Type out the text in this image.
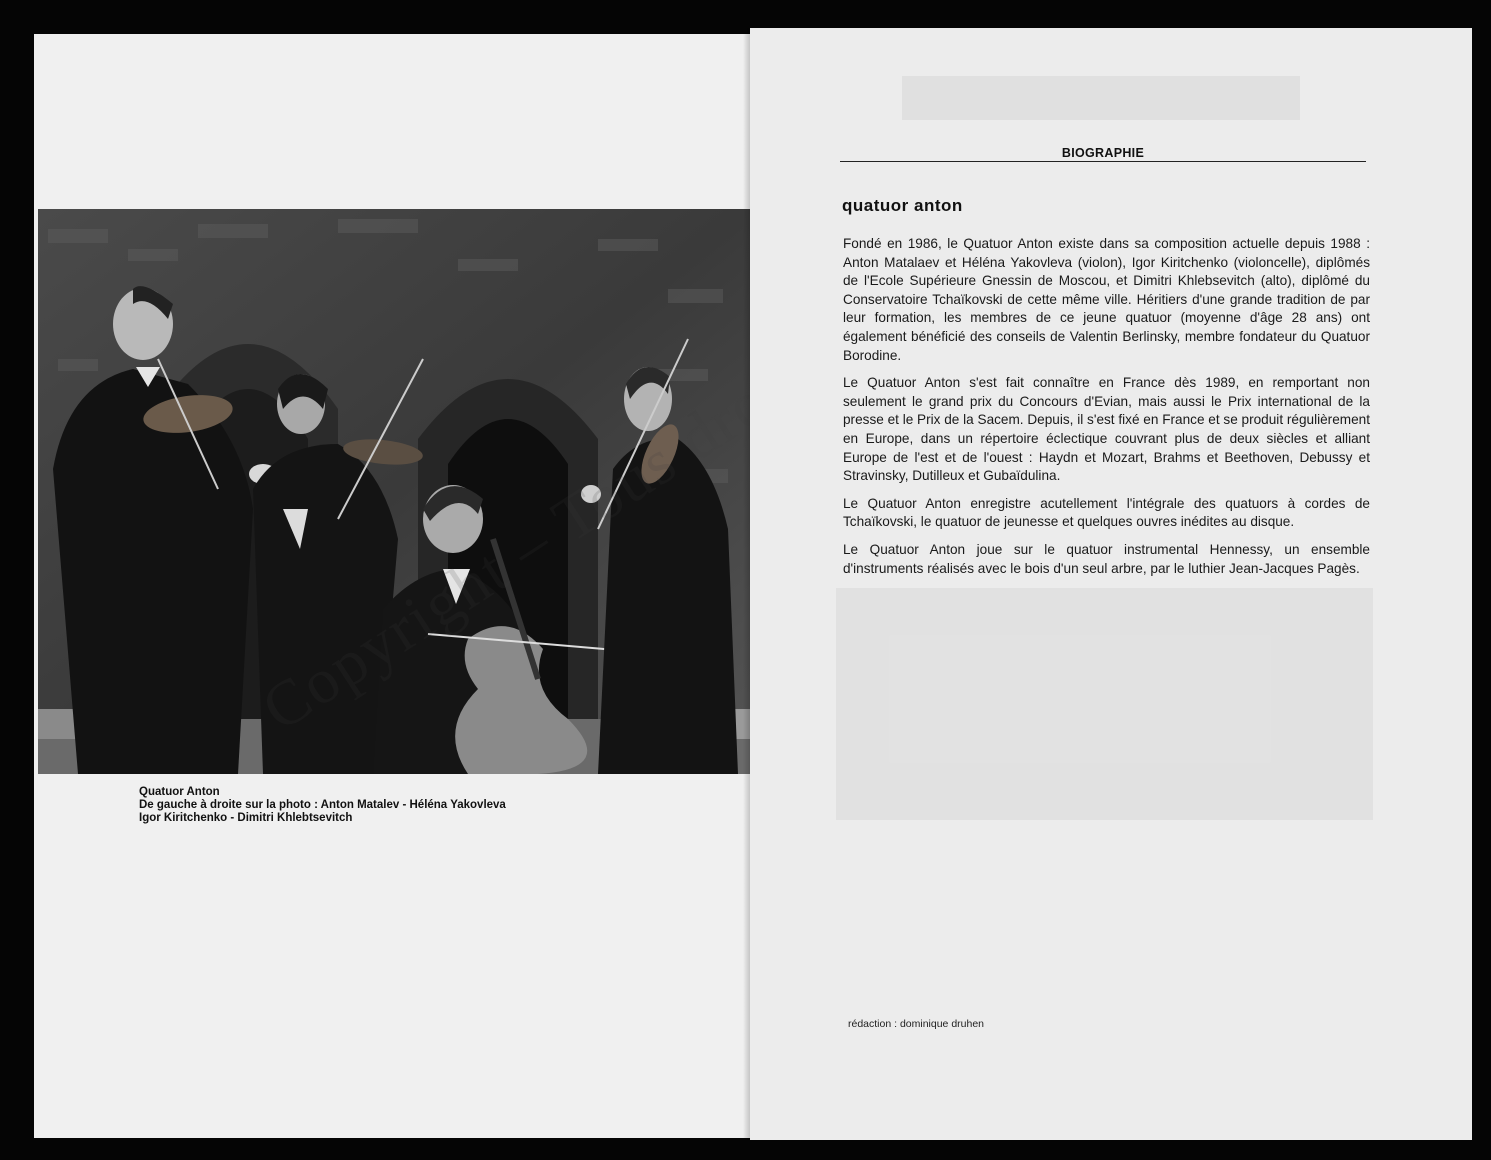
Quatuor Anton
De gauche à droite sur la photo : Anton Matalev - Héléna Yakovleva
Igor Kiritchenko - Dimitri Khlebtsevitch
BIOGRAPHIE
quatuor anton

Fondé en 1986, le Quatuor Anton existe dans sa composition actuelle depuis 1988 : Anton Matalaev et Héléna Yakovleva (violon), Igor Kiritchenko (violoncelle), diplômés de l'Ecole Supérieure Gnessin de Moscou, et Dimitri Khlebsevitch (alto), diplômé du Conservatoire Tchaïkovski de cette même ville. Héritiers d'une grande tradition de par leur formation, les membres de ce jeune quatuor (moyenne d'âge 28 ans) ont également bénéficié des conseils de Valentin Berlinsky, membre fondateur du Quatuor Borodine.

Le Quatuor Anton s'est fait connaître en France dès 1989, en remportant non seulement le grand prix du Concours d'Evian, mais aussi le Prix international de la presse et le Prix de la Sacem. Depuis, il s'est fixé en France et se produit régulièrement en Europe, dans un répertoire éclectique couvrant plus de deux siècles et alliant Europe de l'est et de l'ouest : Haydn et Mozart, Brahms et Beethoven, Debussy et Stravinsky, Dutilleux et Gubaïdulina.

Le Quatuor Anton enregistre acutellement l'intégrale des quatuors à cordes de Tchaïkovski, le quatuor de jeunesse et quelques ouvres inédites au disque.

Le Quatuor Anton joue sur le quatuor instrumental Hennessy, un ensemble d'instruments réalisés avec le bois d'un seul arbre, par le luthier Jean-Jacques Pagès.

rédaction : dominique druhen
